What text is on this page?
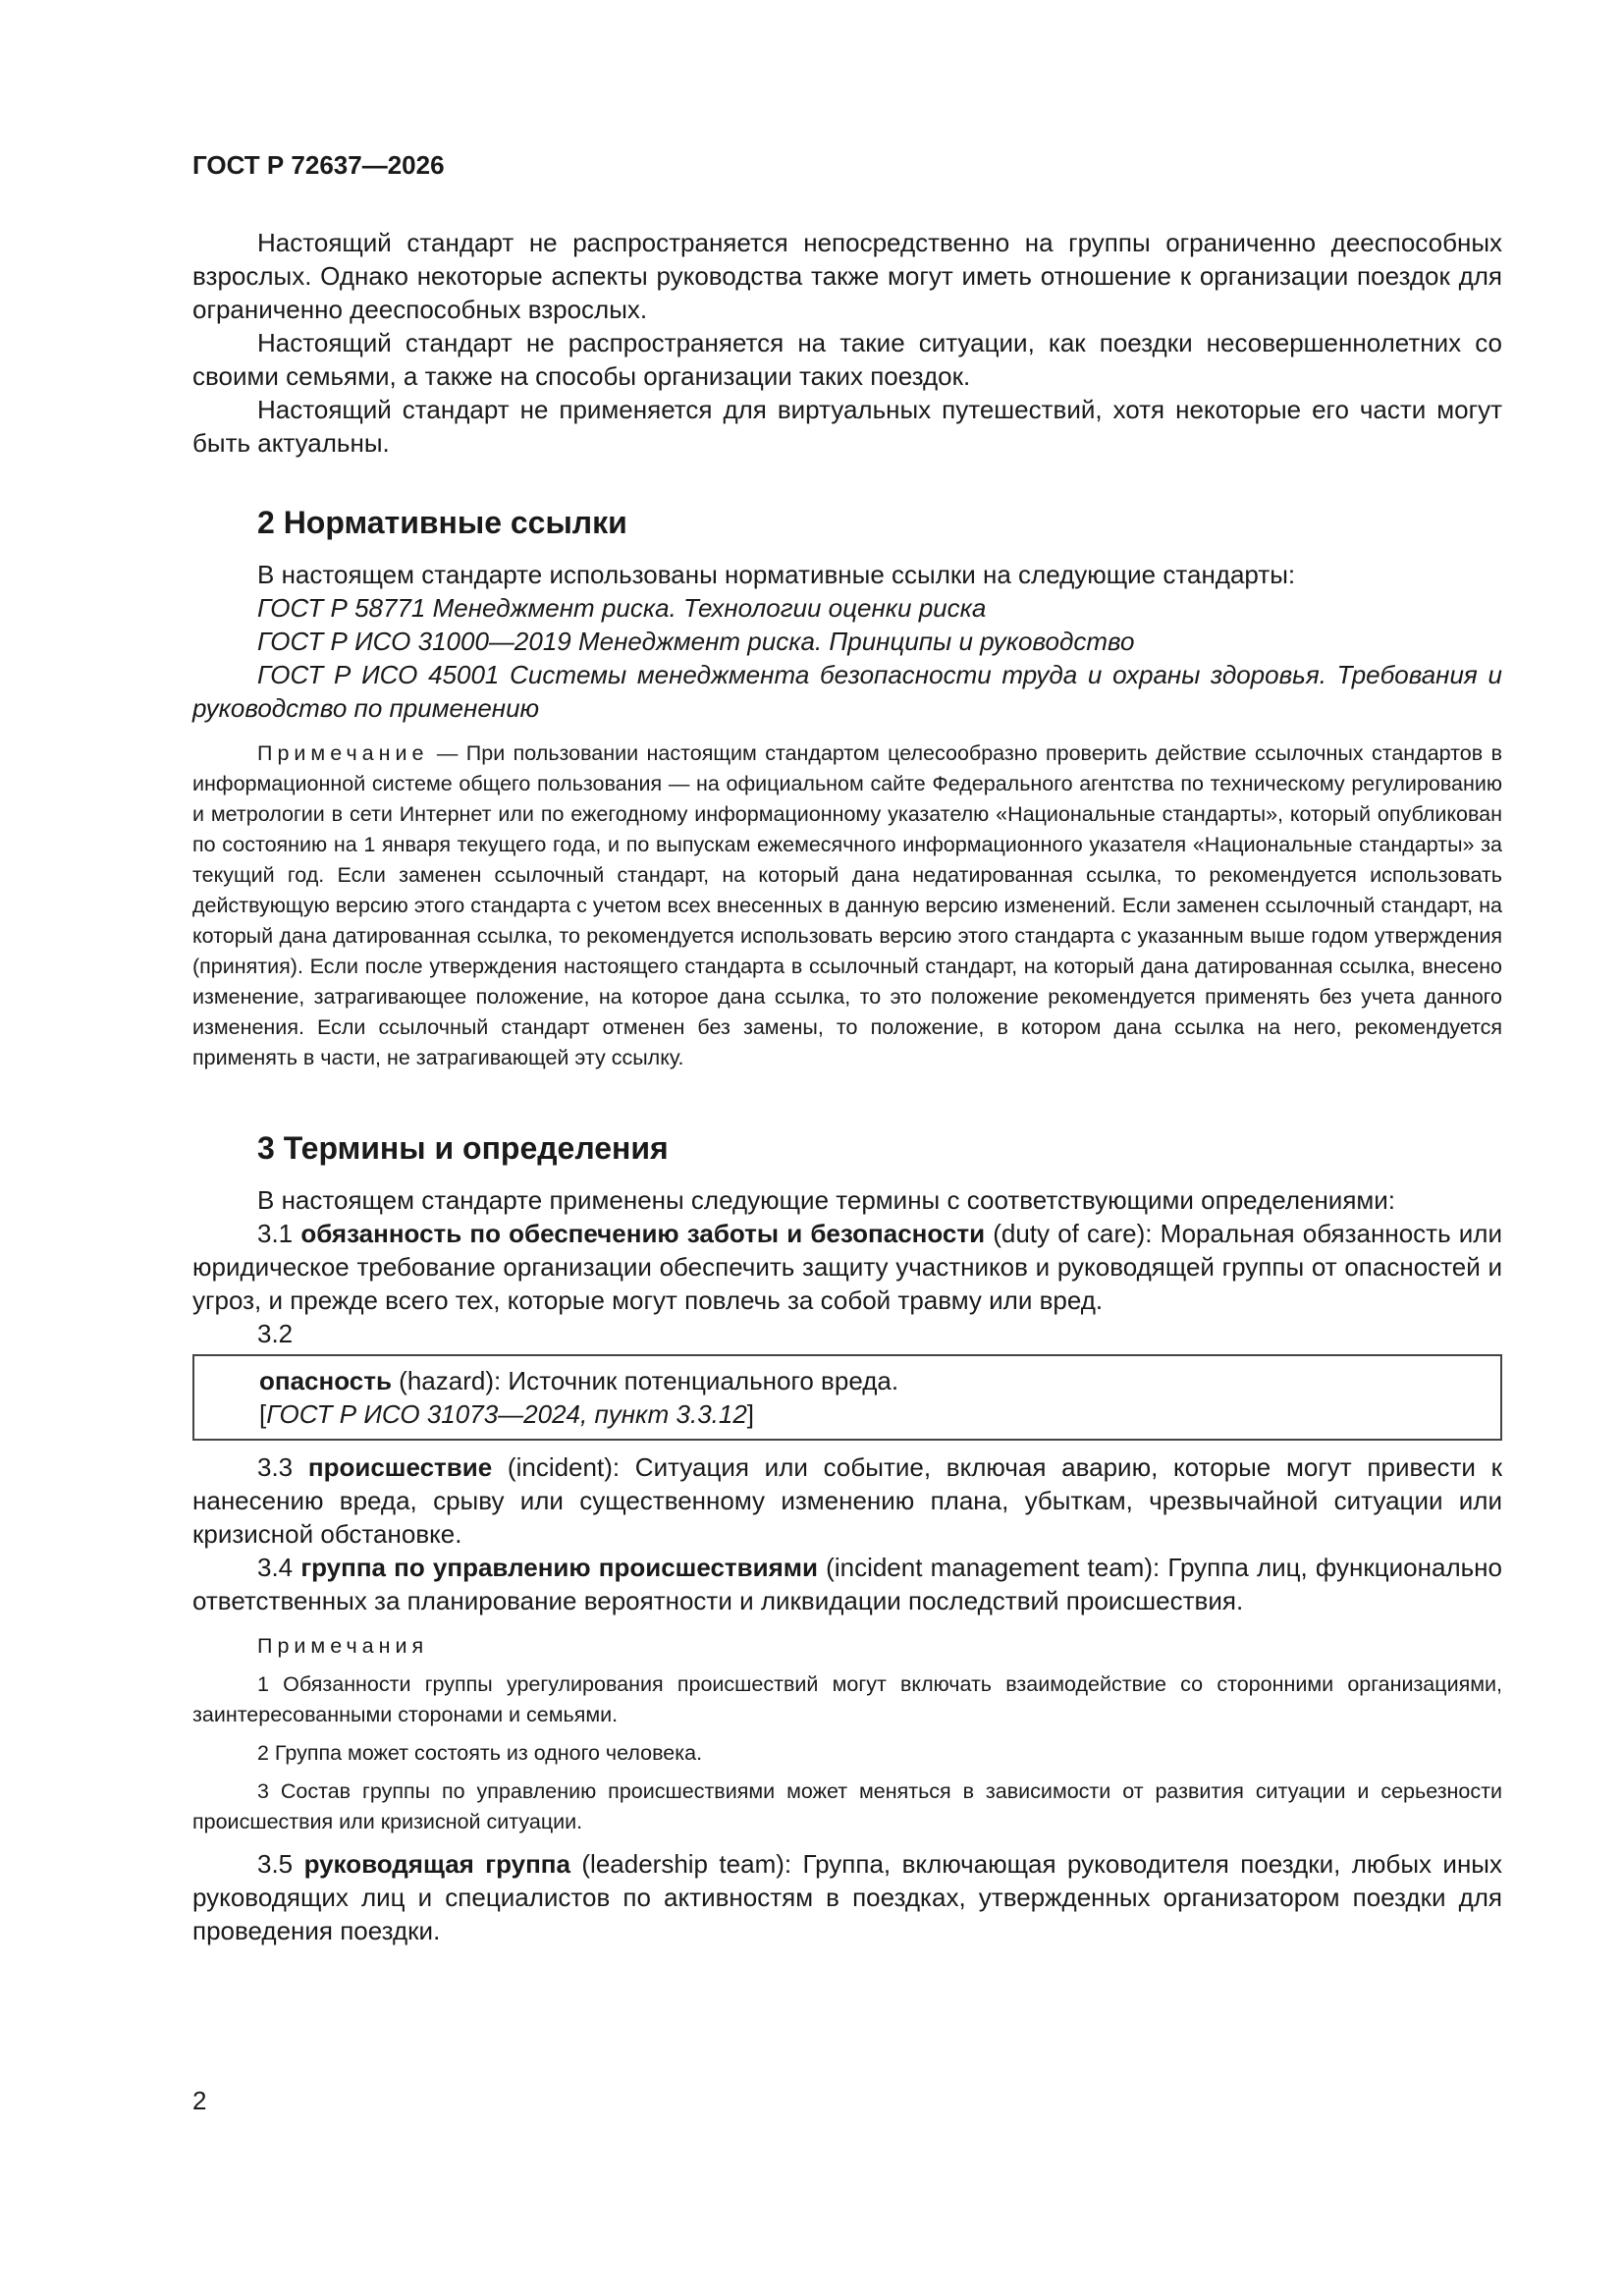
ГОСТ Р 72637—2026

Настоящий стандарт не распространяется непосредственно на группы ограниченно дееспособных взрослых. Однако некоторые аспекты руководства также могут иметь отношение к организации поездок для ограниченно дееспособных взрослых.

Настоящий стандарт не распространяется на такие ситуации, как поездки несовершеннолетних со своими семьями, а также на способы организации таких поездок.

Настоящий стандарт не применяется для виртуальных путешествий, хотя некоторые его части могут быть актуальны.

2 Нормативные ссылки

В настоящем стандарте использованы нормативные ссылки на следующие стандарты:

ГОСТ Р 58771 Менеджмент риска. Технологии оценки риска

ГОСТ Р ИСО 31000—2019 Менеджмент риска. Принципы и руководство

ГОСТ Р ИСО 45001 Системы менеджмента безопасности труда и охраны здоровья. Требования и руководство по применению

Примечание — При пользовании настоящим стандартом целесообразно проверить действие ссылочных стандартов в информационной системе общего пользования — на официальном сайте Федерального агентства по техническому регулированию и метрологии в сети Интернет или по ежегодному информационному указателю «Национальные стандарты», который опубликован по состоянию на 1 января текущего года, и по выпускам ежемесячного информационного указателя «Национальные стандарты» за текущий год. Если заменен ссылочный стандарт, на который дана недатированная ссылка, то рекомендуется использовать действующую версию этого стандарта с учетом всех внесенных в данную версию изменений. Если заменен ссылочный стандарт, на который дана датированная ссылка, то рекомендуется использовать версию этого стандарта с указанным выше годом утверждения (принятия). Если после утверждения настоящего стандарта в ссылочный стандарт, на который дана датированная ссылка, внесено изменение, затрагивающее положение, на которое дана ссылка, то это положение рекомендуется применять без учета данного изменения. Если ссылочный стандарт отменен без замены, то положение, в котором дана ссылка на него, рекомендуется применять в части, не затрагивающей эту ссылку.

3 Термины и определения

В настоящем стандарте применены следующие термины с соответствующими определениями:

3.1 обязанность по обеспечению заботы и безопасности (duty of care): Моральная обязанность или юридическое требование организации обеспечить защиту участников и руководящей группы от опасностей и угроз, и прежде всего тех, которые могут повлечь за собой травму или вред.

3.2

опасность (hazard): Источник потенциального вреда.

[ГОСТ Р ИСО 31073—2024, пункт 3.3.12]

3.3 происшествие (incident): Ситуация или событие, включая аварию, которые могут привести к нанесению вреда, срыву или существенному изменению плана, убыткам, чрезвычайной ситуации или кризисной обстановке.

3.4 группа по управлению происшествиями (incident management team): Группа лиц, функционально ответственных за планирование вероятности и ликвидации последствий происшествия.

Примечания

1 Обязанности группы урегулирования происшествий могут включать взаимодействие со сторонними организациями, заинтересованными сторонами и семьями.

2 Группа может состоять из одного человека.

3 Состав группы по управлению происшествиями может меняться в зависимости от развития ситуации и серьезности происшествия или кризисной ситуации.

3.5 руководящая группа (leadership team): Группа, включающая руководителя поездки, любых иных руководящих лиц и специалистов по активностям в поездках, утвержденных организатором поездки для проведения поездки.

2
